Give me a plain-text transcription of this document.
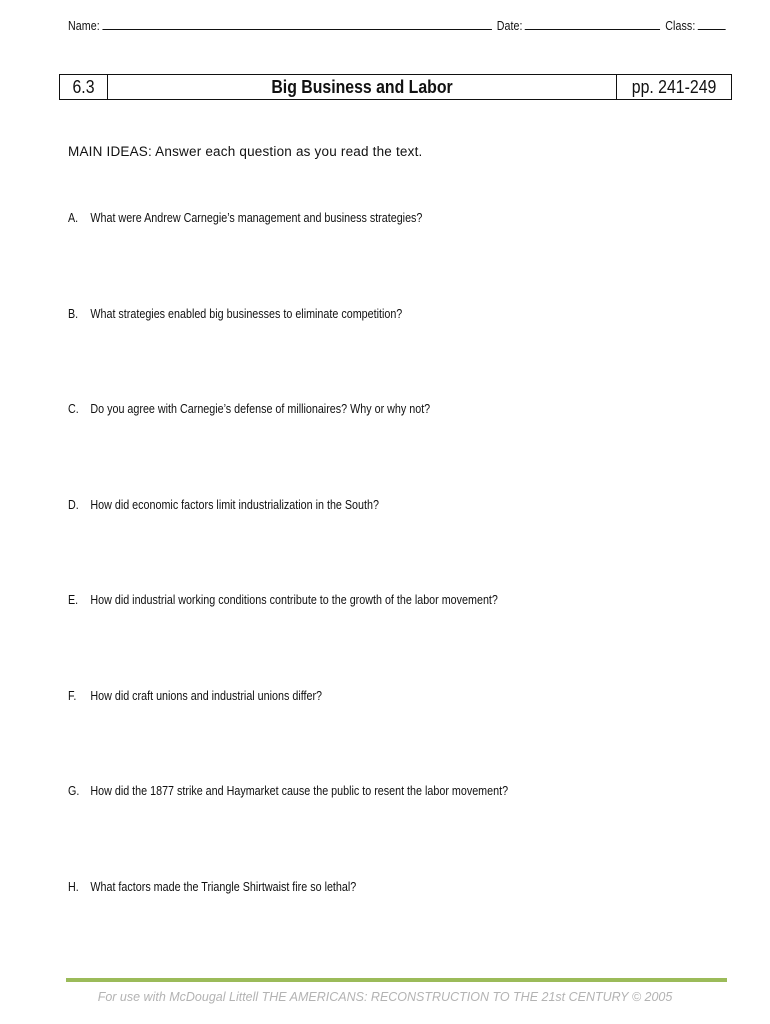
Name:	Date:	Class:
6.3	Big Business and Labor	pp. 241-249
MAIN IDEAS: Answer each question as you read the text.
A. What were Andrew Carnegie’s management and business strategies?
B. What strategies enabled big businesses to eliminate competition?
C. Do you agree with Carnegie’s defense of millionaires? Why or why not?
D. How did economic factors limit industrialization in the South?
E. How did industrial working conditions contribute to the growth of the labor movement?
F. How did craft unions and industrial unions differ?
G. How did the 1877 strike and Haymarket cause the public to resent the labor movement?
H. What factors made the Triangle Shirtwaist fire so lethal?
For use with McDougal Littell THE AMERICANS: RECONSTRUCTION TO THE 21st CENTURY © 2005
